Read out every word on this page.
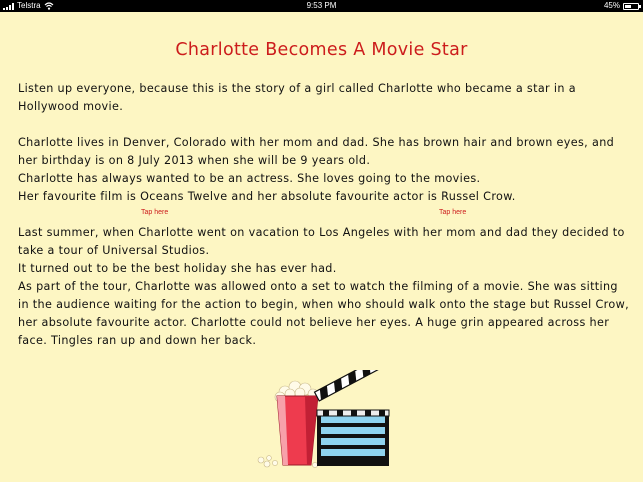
Telstra	9:53 PM	45%
Charlotte Becomes A Movie Star

Listen up everyone, because this is the story of a girl called Charlotte who became a star in a Hollywood movie.

Charlotte lives in Denver, Colorado with her mom and dad. She has brown hair and brown eyes, and her birthday is on 8 July 2013 when she will be 9 years old.

Charlotte has always wanted to be an actress. She loves going to the movies.

Her favourite film is Oceans Twelve and her absolute favourite actor is Russel Crow.

Last summer, when Charlotte went on vacation to Los Angeles with her mom and dad they decided to take a tour of Universal Studios.

It turned out to be the best holiday she has ever had.

As part of the tour, Charlotte was allowed onto a set to watch the filming of a movie. She was sitting in the audience waiting for the action to begin, when who should walk onto the stage but Russel Crow, her absolute favourite actor. Charlotte could not believe her eyes. A huge grin appeared across her face. Tingles ran up and down her back.

Tap here	Tap here
